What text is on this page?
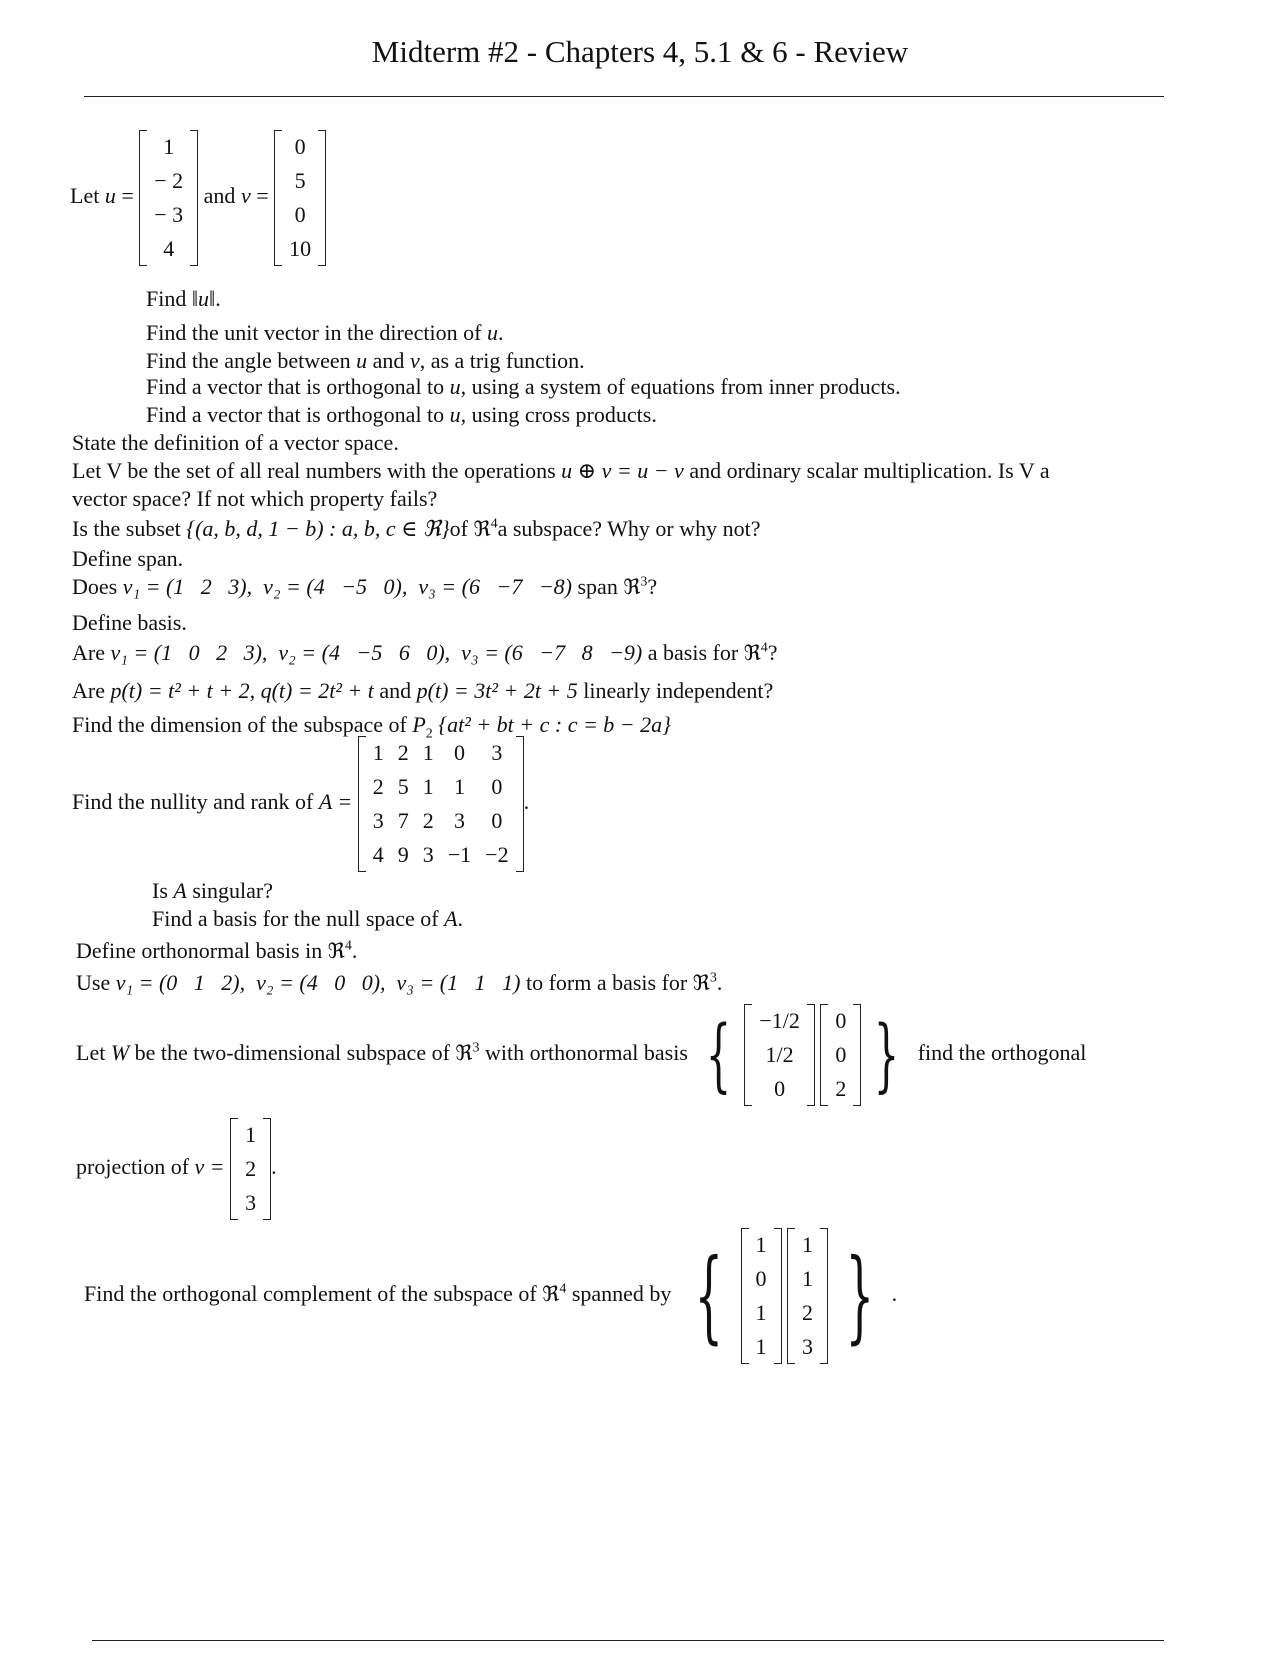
Midterm #2 - Chapters 4, 5.1 & 6 - Review
Let u =
1
− 2
− 3
4
and v =
0
5
0
10
Find ‖u‖.
Find the unit vector in the direction of u.
Find the angle between u and v, as a trig function.
Find a vector that is orthogonal to u, using a system of equations from inner products.
Find a vector that is orthogonal to u, using cross products.
State the definition of a vector space.
Let V be the set of all real numbers with the operations u ⊕ v = u − v and ordinary scalar multiplication. Is V a
vector space? If not which property fails?
Is the subset {(a, b, d, 1 − b) : a, b, c ∈ ℜ}of ℜ$^4$a subspace? Why or why not?
Define span.
Does v₁ = (1   2   3),  v₂ = (4   −5   0),  v₃ = (6   −7   −8) span ℜ$^3$?
Define basis.
Are v₁ = (1   0   2   3),  v₂ = (4   −5   6   0),  v₃ = (6   −7   8   −9) a basis for ℜ$^4$?
Are p(t) = t² + t + 2, q(t) = 2t² + t and p(t) = 3t² + 2t + 5 linearly independent?
Find the dimension of the subspace of $P_2$ {at² + bt + c : c = b − 2a}
Find the nullity and rank of A =
1	2	1	0	3
2	5	1	1	0
3	7	2	3	0
4	9	3	−1	−2
.
Is A singular?
Find a basis for the null space of A.
Define orthonormal basis in ℜ$^4$.
Use v₁ = (0   1   2),  v₂ = (4   0   0),  v₃ = (1   1   1) to form a basis for ℜ$^3$.
Let W be the two-dimensional subspace of ℜ$^3$ with orthonormal basis { −1/2
1/2
0

0
0
2 } find the orthogonal
projection of v =
1
2
3
.
Find the orthogonal complement of the subspace of ℜ$^4$ spanned by { 1
0
1
1

1
1
2
3 } .
